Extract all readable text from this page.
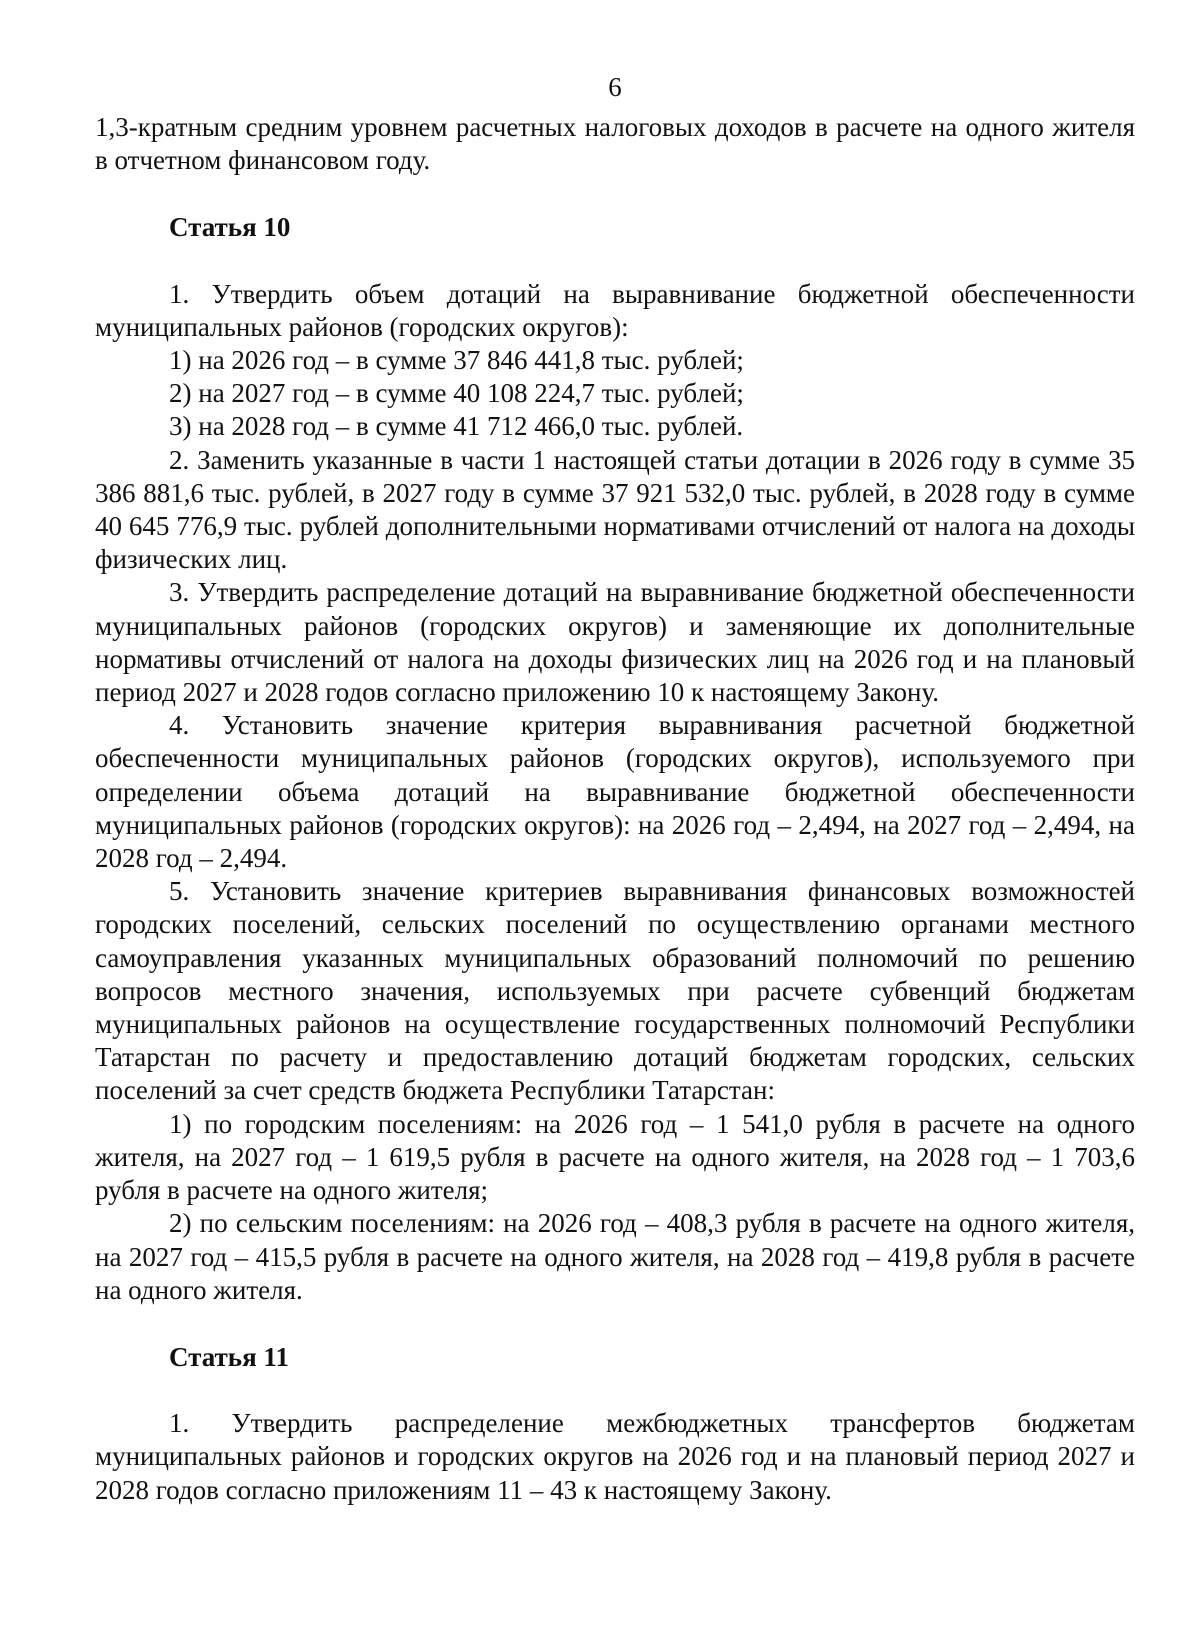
6

1,3-кратным средним уровнем расчетных налоговых доходов в расчете на одного жителя в отчетном финансовом году.

Статья 10

1. Утвердить объем дотаций на выравнивание бюджетной обеспеченности муниципальных районов (городских округов):

1) на 2026 год – в сумме 37 846 441,8 тыс. рублей;

2) на 2027 год – в сумме 40 108 224,7 тыс. рублей;

3) на 2028 год – в сумме 41 712 466,0 тыс. рублей.

2. Заменить указанные в части 1 настоящей статьи дотации в 2026 году в сумме 35 386 881,6 тыс. рублей, в 2027 году в сумме 37 921 532,0 тыс. рублей, в 2028 году в сумме 40 645 776,9 тыс. рублей дополнительными нормативами отчислений от налога на доходы физических лиц.

3. Утвердить распределение дотаций на выравнивание бюджетной обеспеченности муниципальных районов (городских округов) и заменяющие их дополнительные нормативы отчислений от налога на доходы физических лиц на 2026 год и на плановый период 2027 и 2028 годов согласно приложению 10 к настоящему Закону.

4. Установить значение критерия выравнивания расчетной бюджетной обеспеченности муниципальных районов (городских округов), используемого при определении объема дотаций на выравнивание бюджетной обеспеченности муниципальных районов (городских округов): на 2026 год – 2,494, на 2027 год – 2,494, на 2028 год – 2,494.

5. Установить значение критериев выравнивания финансовых возможностей городских поселений, сельских поселений по осуществлению органами местного самоуправления указанных муниципальных образований полномочий по решению вопросов местного значения, используемых при расчете субвенций бюджетам муниципальных районов на осуществление государственных полномочий Республики Татарстан по расчету и предоставлению дотаций бюджетам городских, сельских поселений за счет средств бюджета Республики Татарстан:

1) по городским поселениям: на 2026 год – 1 541,0 рубля в расчете на одного жителя, на 2027 год – 1 619,5 рубля в расчете на одного жителя, на 2028 год – 1 703,6 рубля в расчете на одного жителя;

2) по сельским поселениям: на 2026 год – 408,3 рубля в расчете на одного жителя, на 2027 год – 415,5 рубля в расчете на одного жителя, на 2028 год – 419,8 рубля в расчете на одного жителя.

Статья 11

1. Утвердить распределение межбюджетных трансфертов бюджетам муниципальных районов и городских округов на 2026 год и на плановый период 2027 и 2028 годов согласно приложениям 11 – 43 к настоящему Закону.
